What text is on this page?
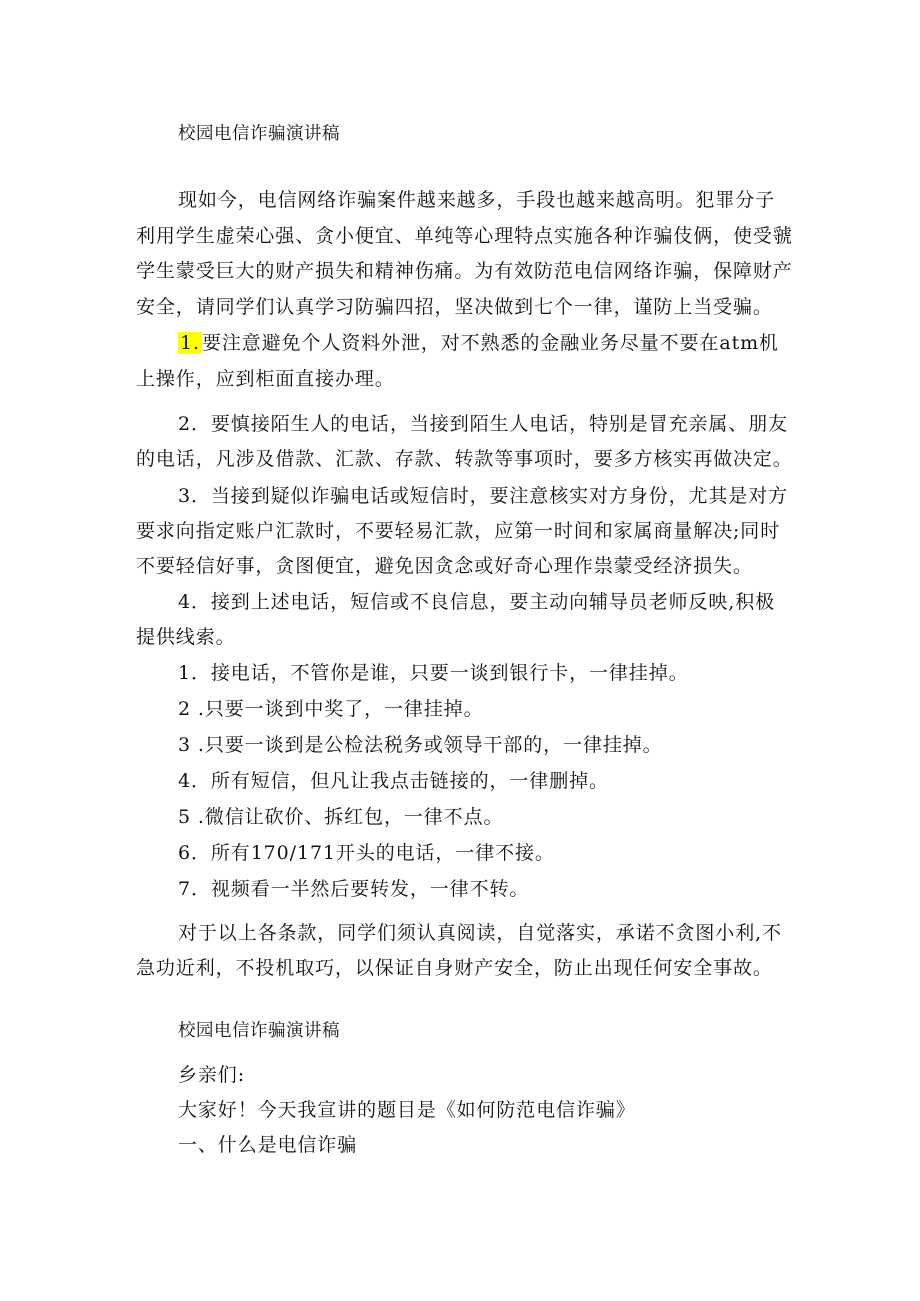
校园电信诈骗演讲稿

现如今，电信网络诈骗案件越来越多，手段也越来越高明。犯罪分子

利用学生虚荣心强、贪小便宜、单纯等心理特点实施各种诈骗伎俩，使受虢

学生蒙受巨大的财产损失和精神伤痛。为有效防范电信网络诈骗，保障财产

安全，请同学们认真学习防骗四招，坚决做到七个一律，谨防上当受骗。

1. 要注意避免个人资料外泄，对不熟悉的金融业务尽量不要在atm机

上操作，应到柜面直接办理。

2．要慎接陌生人的电话，当接到陌生人电话，特别是冒充亲属、朋友

的电话，凡涉及借款、汇款、存款、转款等事项时，要多方核实再做决定。

3．当接到疑似诈骗电话或短信时，要注意核实对方身份，尤其是对方

要求向指定账户汇款时，不要轻易汇款，应第一时间和家属商量解决;同时

不要轻信好事，贪图便宜，避免因贪念或好奇心理作祟蒙受经济损失。

4．接到上述电话，短信或不良信息，要主动向辅导员老师反映,积极

提供线索。

1．接电话，不管你是谁，只要一谈到银行卡，一律挂掉。

2 .只要一谈到中奖了，一律挂掉。

3 .只要一谈到是公检法税务或领导干部的，一律挂掉。

4．所有短信，但凡让我点击链接的，一律删掉。

5 .微信让砍价、拆红包，一律不点。

6．所有170/171开头的电话，一律不接。

7．视频看一半然后要转发，一律不转。

对于以上各条款，同学们须认真阅读，自觉落实，承诺不贪图小利,不

急功近利，不投机取巧，以保证自身财产安全，防止出现任何安全事故。

校园电信诈骗演讲稿

乡亲们:

大家好！今天我宣讲的题目是《如何防范电信诈骗》

一、什么是电信诈骗
